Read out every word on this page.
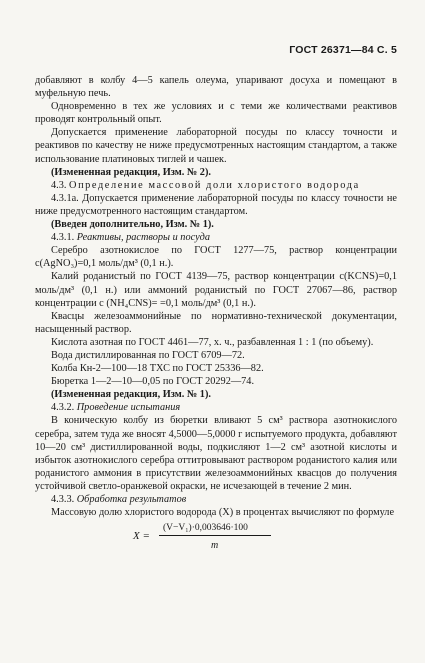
ГОСТ 26371—84 С. 5

добавляют в колбу 4—5 капель олеума, упаривают досуха и помещают в муфельную печь.

Одновременно в тех же условиях и с теми же количествами реактивов проводят контрольный опыт.

Допускается применение лабораторной посуды по классу точности и реактивов по качеству не ниже предусмотренных настоящим стандартом, а также использование платиновых тиглей и чашек.

(Измененная редакция, Изм. № 2).

4.3. Определение массовой доли хлористого водорода

4.3.1а. Допускается применение лабораторной посуды по классу точности не ниже предусмотренного настоящим стандартом.

(Введен дополнительно, Изм. № 1).

4.3.1. Реактивы, растворы и посуда

Серебро азотнокислое по ГОСТ 1277—75, раствор концентрации c(AgNO₃)=0,1 моль/дм³ (0,1 н.).

Калий роданистый по ГОСТ 4139—75, раствор концентрации c(KCNS)=0,1 моль/дм³ (0,1 н.) или аммоний роданистый по ГОСТ 27067—86, раствор концентрации c (NH₄CNS)= =0,1 моль/дм³ (0,1 н.).

Квасцы железоаммонийные по нормативно-технической документации, насыщенный раствор.

Кислота азотная по ГОСТ 4461—77, х. ч., разбавленная 1 : 1 (по объему).

Вода дистиллированная по ГОСТ 6709—72.

Колба Кн-2—100—18 ТХС по ГОСТ 25336—82.

Бюретка 1—2—10—0,05 по ГОСТ 20292—74.

(Измененная редакция, Изм. № 1).

4.3.2. Проведение испытания

В коническую колбу из бюретки вливают 5 см³ раствора азотнокислого серебра, затем туда же вносят 4,5000—5,0000 г испытуемого продукта, добавляют 10—20 см³ дистиллированной воды, подкисляют 1—2 см³ азотной кислоты и избыток азотнокислого серебра оттитровывают раствором роданистого калия или роданистого аммония в присутствии железоаммонийных квасцов до получения устойчивой светло-оранжевой окраски, не исчезающей в течение 2 мин.

4.3.3. Обработка результатов

Массовую долю хлористого водорода (X) в процентах вычисляют по формуле

X =
(V−V₁)·0,003646·100
m
